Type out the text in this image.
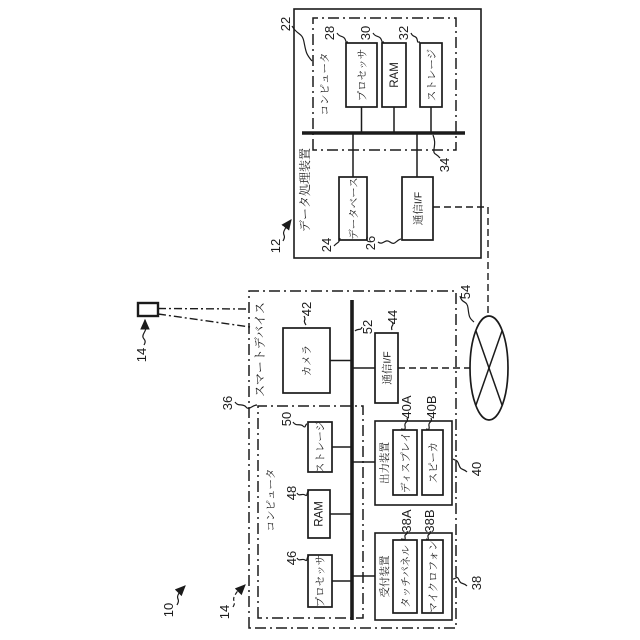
データ処理装置
コンピュータ プロセッサ RAM ストレージ
データベース	通信I/F
12
22
28 30 32
34
24 26
スマートデバイス
14
コンピュータ
プロセッサ
RAM
ストレージ
カメラ	通信I/F
出力装置 ディスプレイ スピーカ
受付装置 タッチパネル マイクロフォン
14
10
36
46
48
50
42
52
44
40A 40B
38A 38B
40
38
54
